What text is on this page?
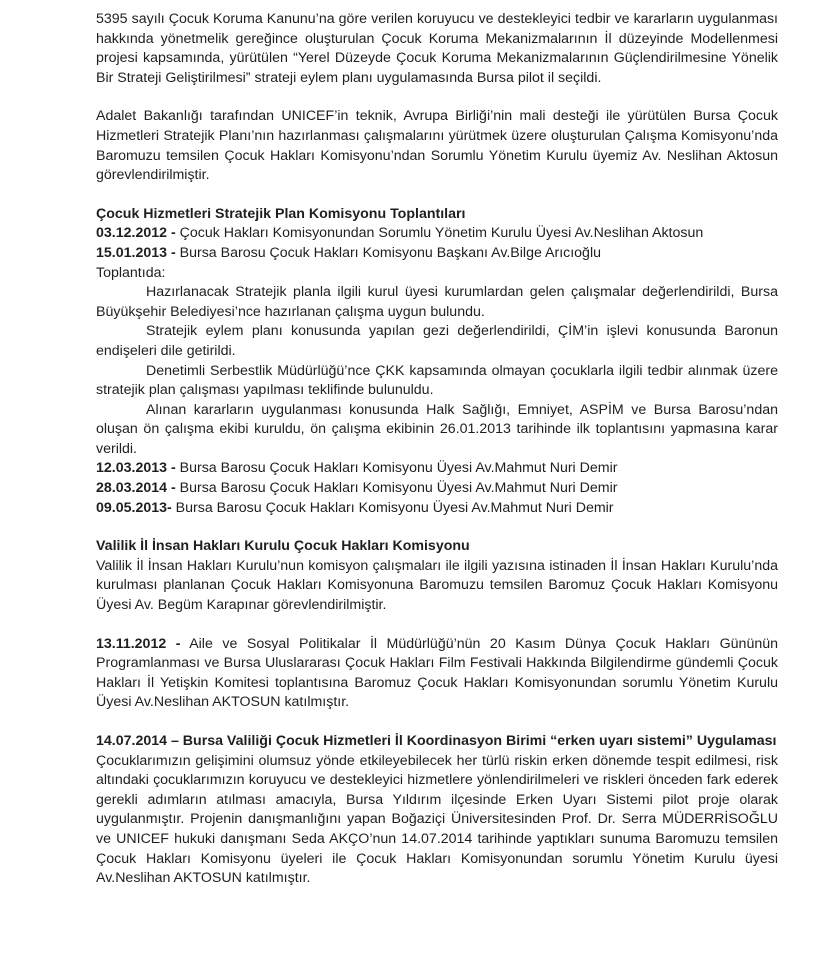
5395 sayılı Çocuk Koruma Kanunu’na göre verilen koruyucu ve destekleyici tedbir ve kararların uygulanması hakkında yönetmelik gereğince oluşturulan Çocuk Koruma Mekanizmalarının İl düzeyinde Modellenmesi projesi kapsamında, yürütülen “Yerel Düzeyde Çocuk Koruma Mekanizmalarının Güçlendirilmesine Yönelik Bir Strateji Geliştirilmesi” strateji eylem planı uygulamasında Bursa pilot il seçildi.

Adalet Bakanlığı tarafından UNICEF’in teknik, Avrupa Birliği’nin mali desteği ile yürütülen Bursa Çocuk Hizmetleri Stratejik Planı’nın hazırlanması çalışmalarını yürütmek üzere oluşturulan Çalışma Komisyonu’nda Baromuzu temsilen Çocuk Hakları Komisyonu’ndan Sorumlu Yönetim Kurulu üyemiz Av. Neslihan Aktosun görevlendirilmiştir.

Çocuk Hizmetleri Stratejik Plan Komisyonu Toplantıları

03.12.2012 - Çocuk Hakları Komisyonundan Sorumlu Yönetim Kurulu Üyesi Av.Neslihan Aktosun

15.01.2013 - Bursa Barosu Çocuk Hakları Komisyonu Başkanı Av.Bilge Arıcıoğlu

Toplantıda:

Hazırlanacak Stratejik planla ilgili kurul üyesi kurumlardan gelen çalışmalar değerlendirildi, Bursa Büyükşehir Belediyesi’nce hazırlanan çalışma uygun bulundu.

Stratejik eylem planı konusunda yapılan gezi değerlendirildi, ÇİM’in işlevi konusunda Baronun endişeleri dile getirildi.

Denetimli Serbestlik Müdürlüğü’nce ÇKK kapsamında olmayan çocuklarla ilgili tedbir alınmak üzere stratejik plan çalışması yapılması teklifinde bulunuldu.

Alınan kararların uygulanması konusunda Halk Sağlığı, Emniyet, ASPİM ve Bursa Barosu’ndan oluşan ön çalışma ekibi kuruldu, ön çalışma ekibinin 26.01.2013 tarihinde ilk toplantısını yapmasına karar verildi.

12.03.2013 - Bursa Barosu Çocuk Hakları Komisyonu Üyesi Av.Mahmut Nuri Demir

28.03.2014 - Bursa Barosu Çocuk Hakları Komisyonu Üyesi Av.Mahmut Nuri Demir

09.05.2013- Bursa Barosu Çocuk Hakları Komisyonu Üyesi Av.Mahmut Nuri Demir

Valilik İl İnsan Hakları Kurulu Çocuk Hakları Komisyonu

Valilik İl İnsan Hakları Kurulu’nun komisyon çalışmaları ile ilgili yazısına istinaden İl İnsan Hakları Kurulu’nda kurulması planlanan Çocuk Hakları Komisyonuna Baromuzu temsilen Baromuz Çocuk Hakları Komisyonu Üyesi Av. Begüm Karapınar görevlendirilmiştir.

13.11.2012 - Aile ve Sosyal Politikalar İl Müdürlüğü’nün 20 Kasım Dünya Çocuk Hakları Gününün Programlanması ve Bursa Uluslararası Çocuk Hakları Film Festivali Hakkında Bilgilendirme gündemli Çocuk Hakları İl Yetişkin Komitesi toplantısına Baromuz Çocuk Hakları Komisyonundan sorumlu Yönetim Kurulu Üyesi Av.Neslihan AKTOSUN katılmıştır.

14.07.2014 – Bursa Valiliği Çocuk Hizmetleri İl Koordinasyon Birimi “erken uyarı sistemi” Uygulaması

Çocuklarımızın gelişimini olumsuz yönde etkileyebilecek her türlü riskin erken dönemde tespit edilmesi, risk altındaki çocuklarımızın koruyucu ve destekleyici hizmetlere yönlendirilmeleri ve riskleri önceden fark ederek gerekli adımların atılması amacıyla, Bursa Yıldırım ilçesinde Erken Uyarı Sistemi pilot proje olarak uygulanmıştır. Projenin danışmanlığını yapan Boğaziçi Üniversitesinden Prof. Dr. Serra MÜDERRİSOĞLU ve UNICEF hukuki danışmanı Seda AKÇO’nun 14.07.2014 tarihinde yaptıkları sunuma Baromuzu temsilen Çocuk Hakları Komisyonu üyeleri ile Çocuk Hakları Komisyonundan sorumlu Yönetim Kurulu üyesi Av.Neslihan AKTOSUN katılmıştır.
